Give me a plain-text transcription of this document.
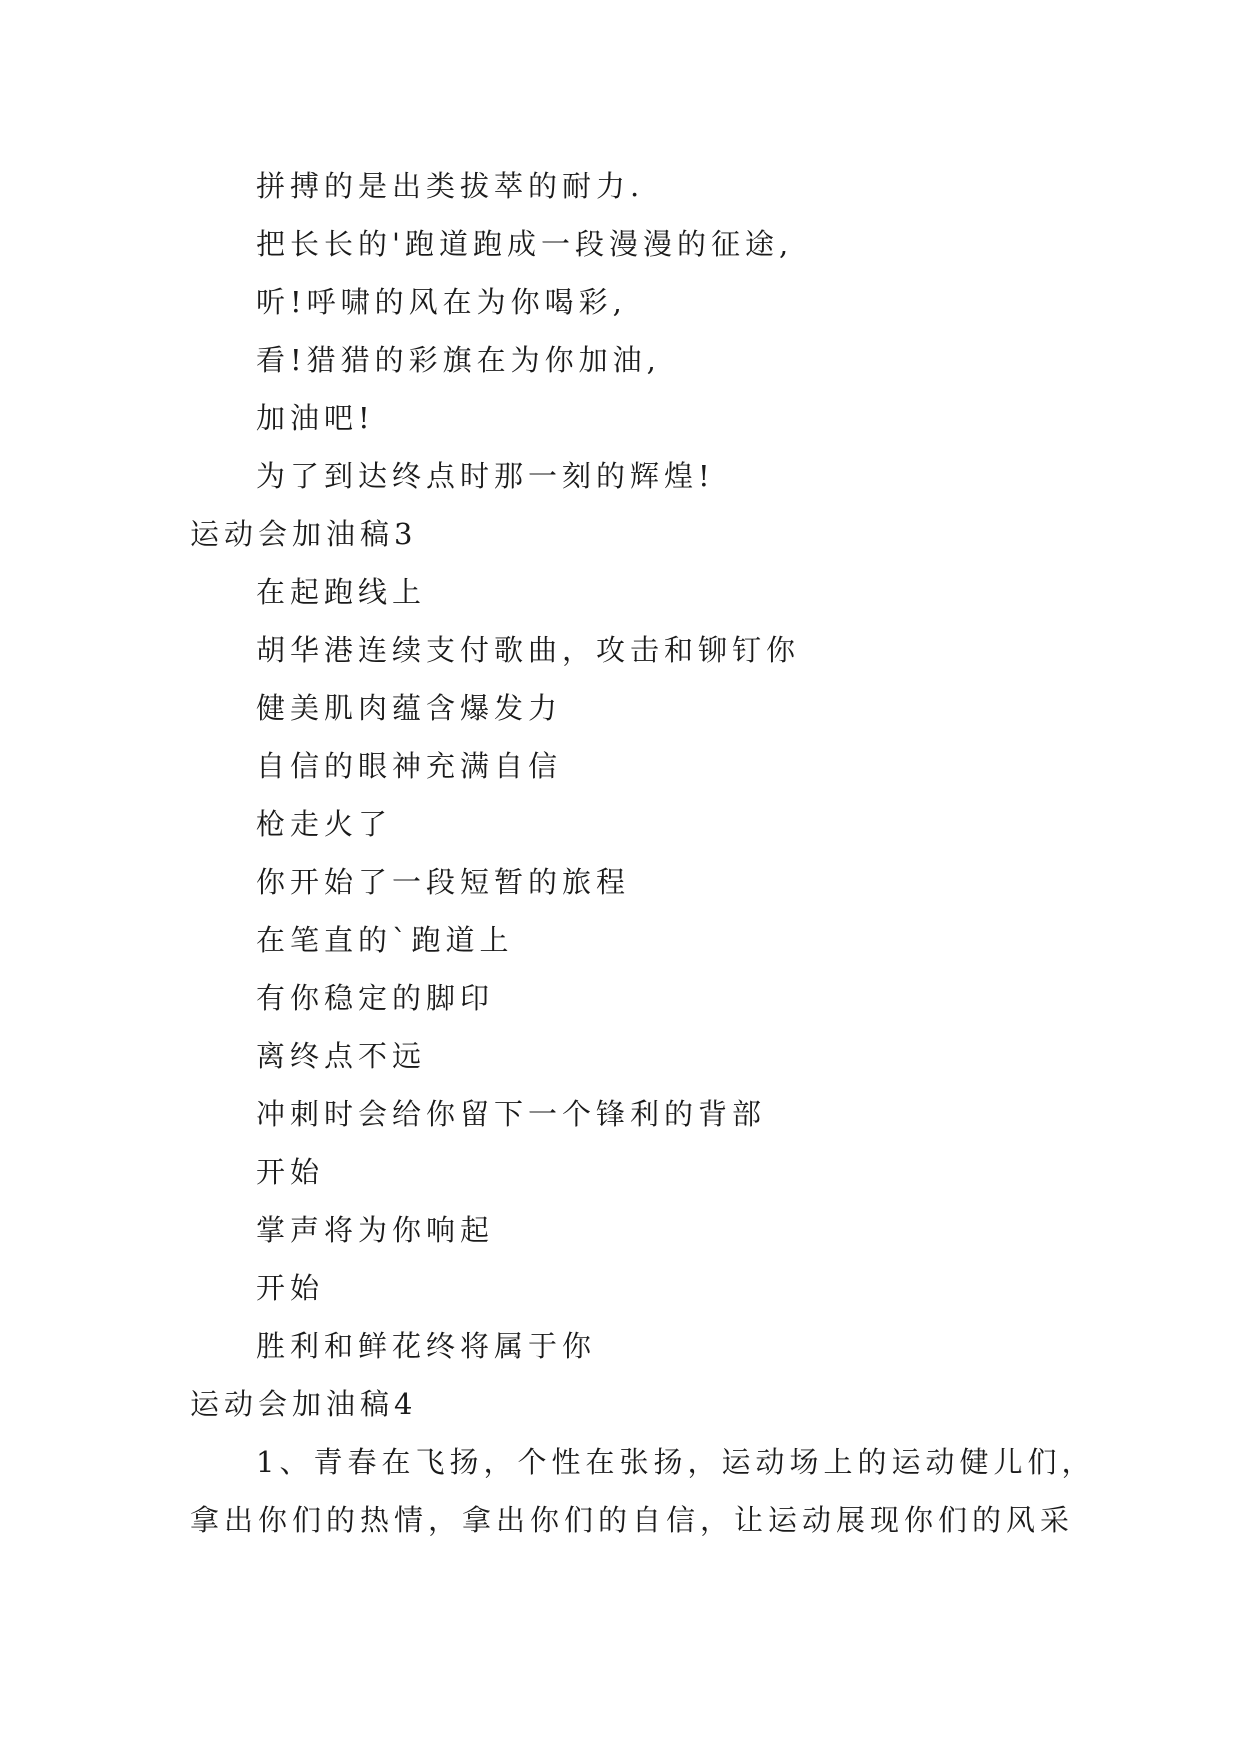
拼搏的是出类拔萃的耐力.
把长长的'跑道跑成一段漫漫的征途,
听!呼啸的风在为你喝彩,
看!猎猎的彩旗在为你加油,
加油吧!
为了到达终点时那一刻的辉煌!
运动会加油稿3
在起跑线上
胡华港连续支付歌曲，攻击和铆钉你
健美肌肉蕴含爆发力
自信的眼神充满自信
枪走火了
你开始了一段短暂的旅程
在笔直的`跑道上
有你稳定的脚印
离终点不远
冲刺时会给你留下一个锋利的背部
开始
掌声将为你响起
开始
胜利和鲜花终将属于你
运动会加油稿4
1、青春在飞扬，个性在张扬，运动场上的运动健儿们，
拿出你们的热情，拿出你们的自信，让运动展现你们的风采
